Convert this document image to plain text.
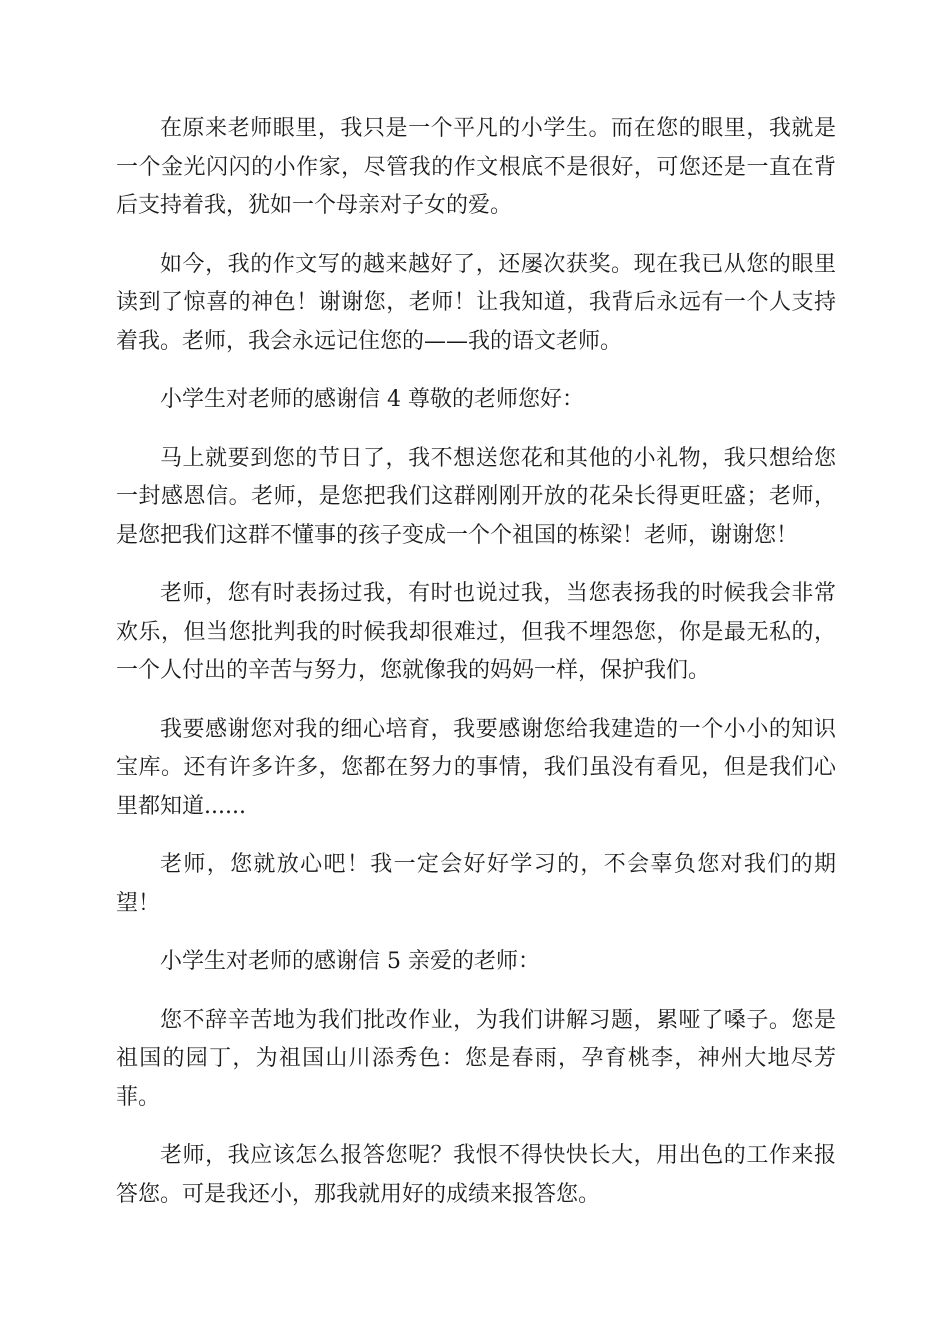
在原来老师眼里，我只是一个平凡的小学生。而在您的眼里，我就是一个金光闪闪的小作家，尽管我的作文根底不是很好，可您还是一直在背后支持着我，犹如一个母亲对子女的爱。

如今，我的作文写的越来越好了，还屡次获奖。现在我已从您的眼里读到了惊喜的神色！谢谢您，老师！让我知道，我背后永远有一个人支持着我。老师，我会永远记住您的——我的语文老师。

小学生对老师的感谢信 4 尊敬的老师您好：

马上就要到您的节日了，我不想送您花和其他的小礼物，我只想给您一封感恩信。老师，是您把我们这群刚刚开放的花朵长得更旺盛；老师，是您把我们这群不懂事的孩子变成一个个祖国的栋梁！老师，谢谢您！

老师，您有时表扬过我，有时也说过我，当您表扬我的时候我会非常欢乐，但当您批判我的时候我却很难过，但我不埋怨您，你是最无私的，一个人付出的辛苦与努力，您就像我的妈妈一样，保护我们。

我要感谢您对我的细心培育，我要感谢您给我建造的一个小小的知识宝库。还有许多许多，您都在努力的事情，我们虽没有看见，但是我们心里都知道......

老师，您就放心吧！我一定会好好学习的，不会辜负您对我们的期望！

小学生对老师的感谢信 5 亲爱的老师：

您不辞辛苦地为我们批改作业，为我们讲解习题，累哑了嗓子。您是祖国的园丁，为祖国山川添秀色：您是春雨，孕育桃李，神州大地尽芳菲。

老师，我应该怎么报答您呢？我恨不得快快长大，用出色的工作来报答您。可是我还小，那我就用好的成绩来报答您。
